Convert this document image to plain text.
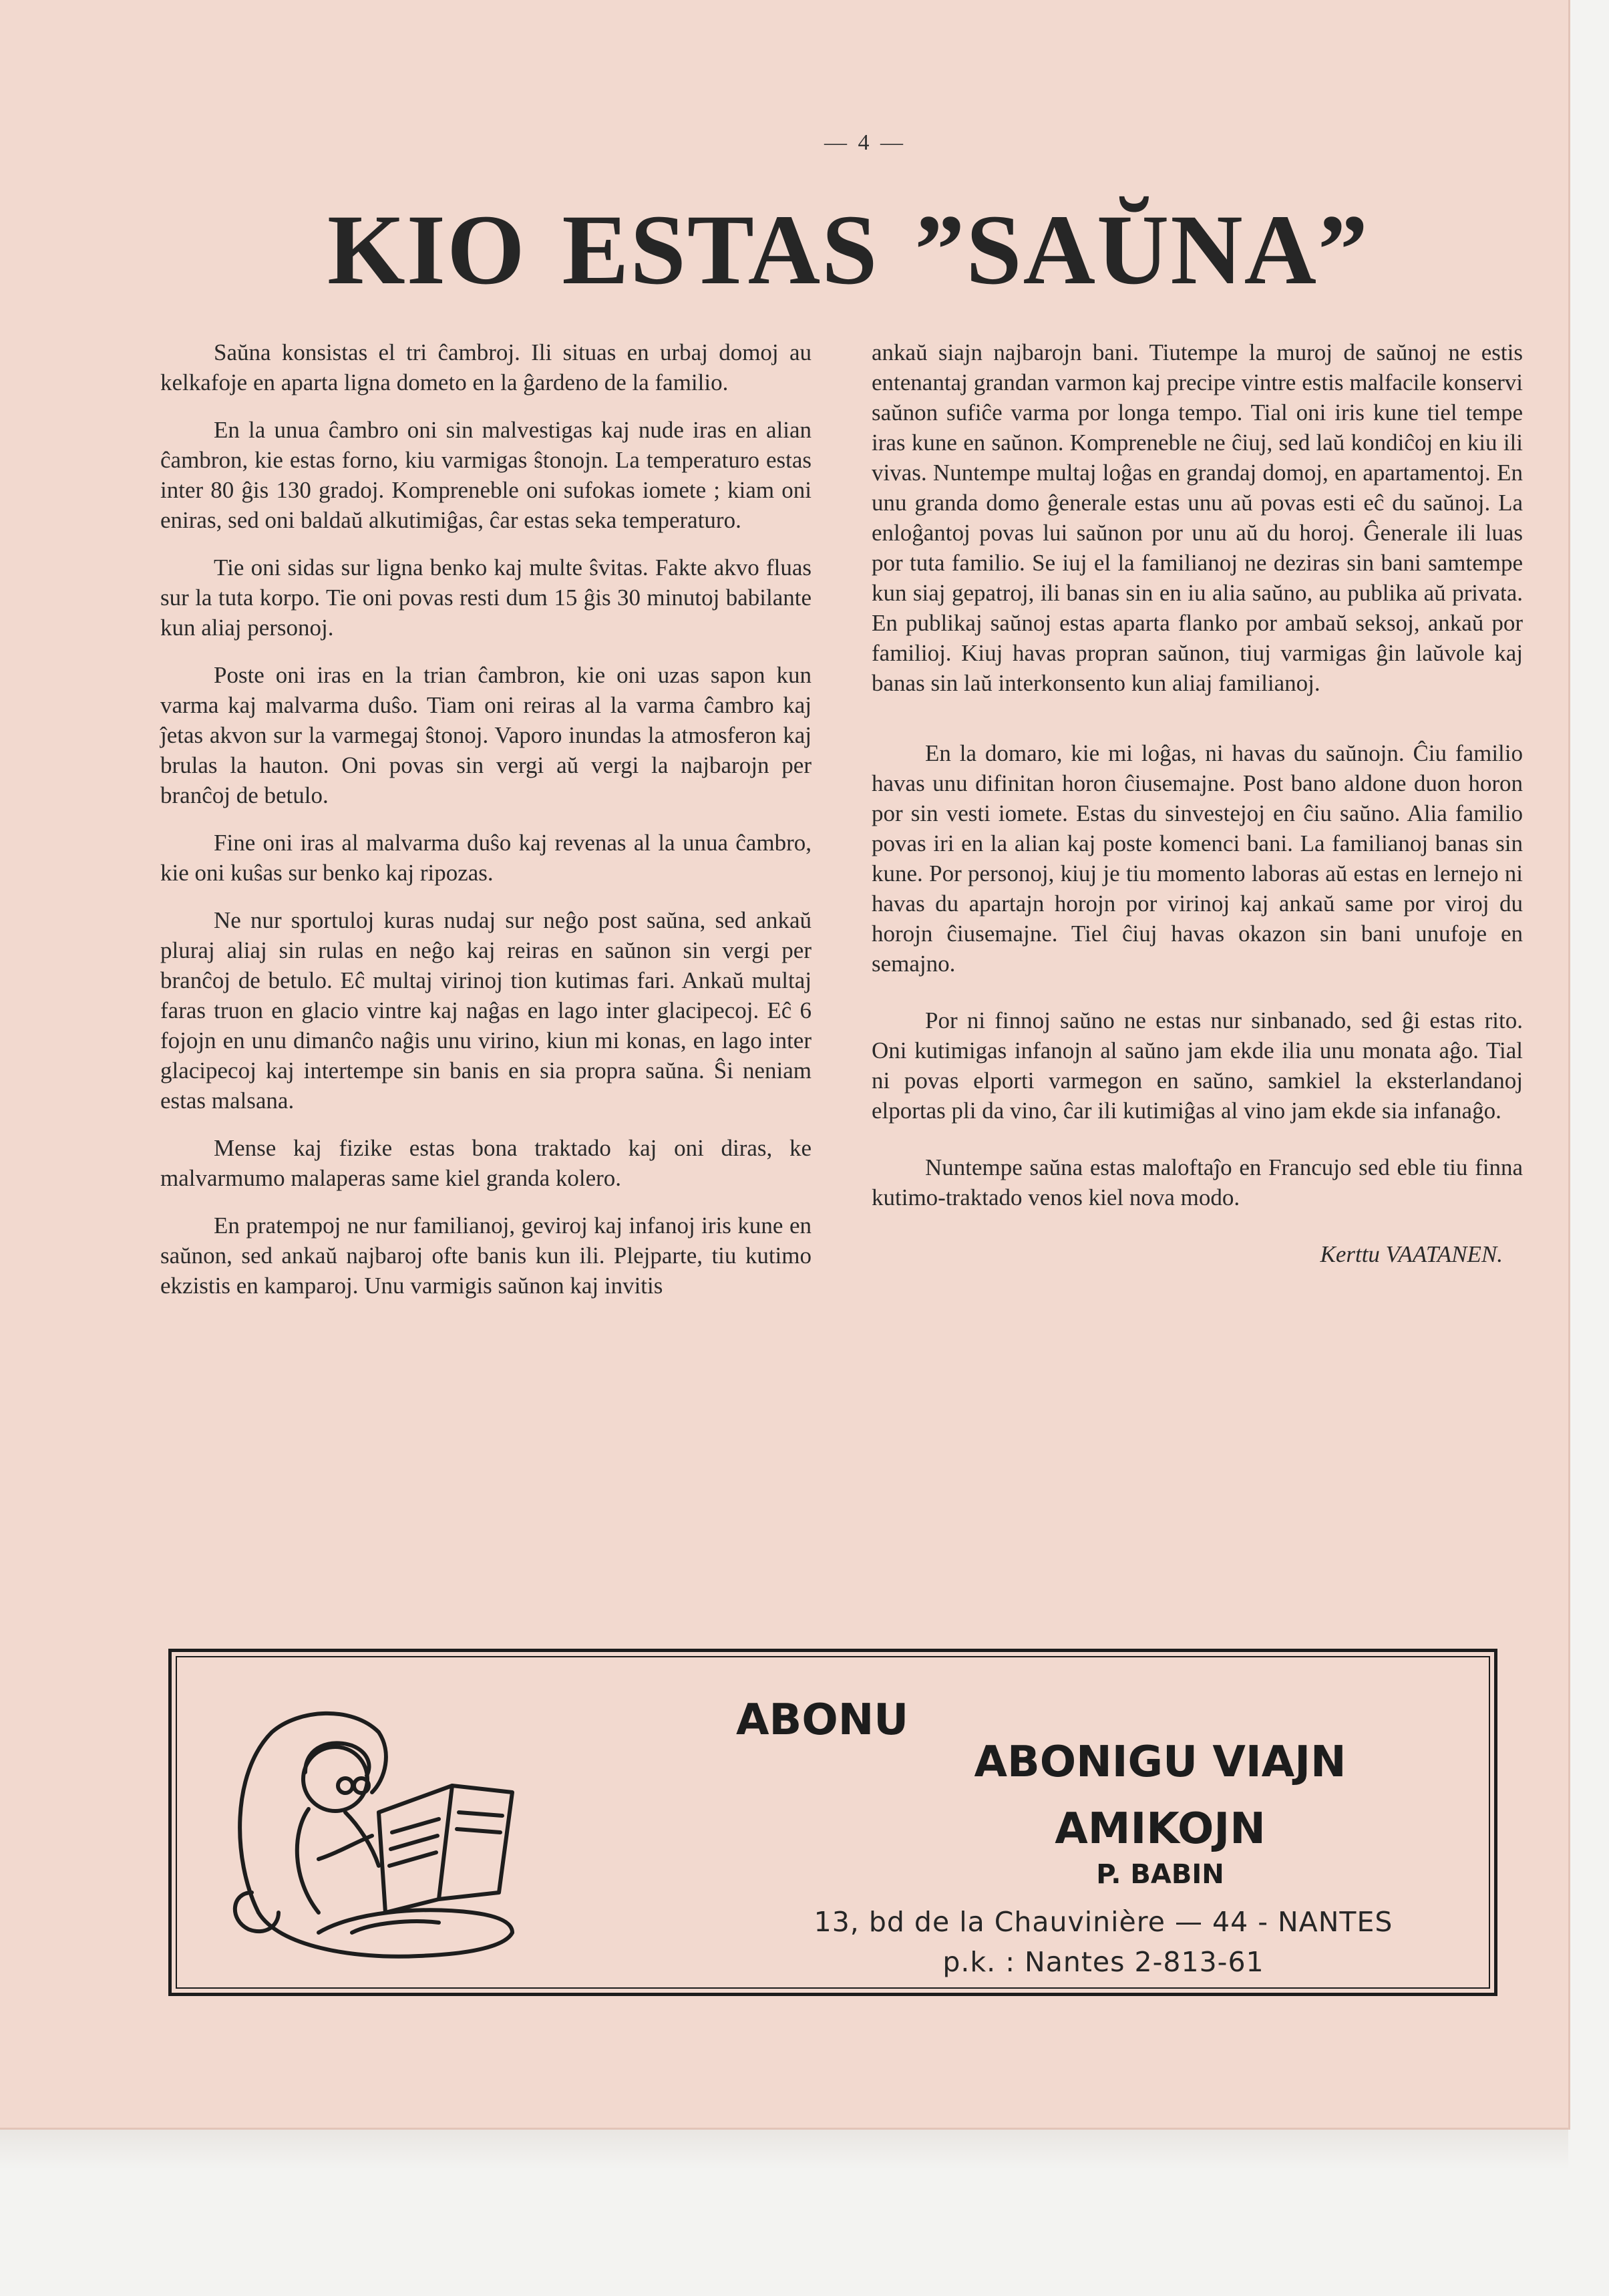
— 4 —
KIO ESTAS ”SAŬNA”

Saŭna konsistas el tri ĉambroj. Ili situas en urbaj domoj au kelkafoje en aparta ligna dometo en la ĝardeno de la familio.

En la unua ĉambro oni sin malvestigas kaj nude iras en alian ĉambron, kie estas forno, kiu varmigas ŝtonojn. La temperaturo estas inter 80 ĝis 130 gradoj. Kompreneble oni sufokas iomete ; kiam oni eniras, sed oni baldaŭ alkutimiĝas, ĉar estas seka temperaturo.

Tie oni sidas sur ligna benko kaj multe ŝvitas. Fakte akvo fluas sur la tuta korpo. Tie oni povas resti dum 15 ĝis 30 minutoj babilante kun aliaj personoj.

Poste oni iras en la trian ĉambron, kie oni uzas sapon kun varma kaj malvarma duŝo. Tiam oni reiras al la varma ĉambro kaj ĵetas akvon sur la varmegaj ŝtonoj. Vaporo inundas la atmosferon kaj brulas la hauton. Oni povas sin vergi aŭ vergi la najbarojn per branĉoj de betulo.

Fine oni iras al malvarma duŝo kaj revenas al la unua ĉambro, kie oni kuŝas sur benko kaj ripozas.

Ne nur sportuloj kuras nudaj sur neĝo post saŭna, sed ankaŭ pluraj aliaj sin rulas en neĝo kaj reiras en saŭnon sin vergi per branĉoj de betulo. Eĉ multaj virinoj tion kutimas fari. Ankaŭ multaj faras truon en glacio vintre kaj naĝas en lago inter glacipecoj. Eĉ 6 fojojn en unu dimanĉo naĝis unu virino, kiun mi konas, en lago inter glacipecoj kaj intertempe sin banis en sia propra saŭna. Ŝi neniam estas malsana.

Mense kaj fizike estas bona traktado kaj oni diras, ke malvarmumo malaperas same kiel granda kolero.

En pratempoj ne nur familianoj, geviroj kaj infanoj iris kune en saŭnon, sed ankaŭ najbaroj ofte banis kun ili. Plejparte, tiu kutimo ekzistis en kamparoj. Unu varmigis saŭnon kaj invitis

ankaŭ siajn najbarojn bani. Tiutempe la muroj de saŭnoj ne estis entenantaj grandan varmon kaj precipe vintre estis malfacile konservi saŭnon sufiĉe varma por longa tempo. Tial oni iris kune tiel tempe iras kune en saŭnon. Kompreneble ne ĉiuj, sed laŭ kondiĉoj en kiu ili vivas. Nuntempe multaj loĝas en grandaj domoj, en apartamentoj. En unu granda domo ĝenerale estas unu aŭ povas esti eĉ du saŭnoj. La enloĝantoj povas lui saŭnon por unu aŭ du horoj. Ĝenerale ili luas por tuta familio. Se iuj el la familianoj ne deziras sin bani samtempe kun siaj gepatroj, ili banas sin en iu alia saŭno, au publika aŭ privata. En publikaj saŭnoj estas aparta flanko por ambaŭ seksoj, ankaŭ por familioj. Kiuj havas propran saŭnon, tiuj varmigas ĝin laŭvole kaj banas sin laŭ interkonsento kun aliaj familianoj.

En la domaro, kie mi loĝas, ni havas du saŭnojn. Ĉiu familio havas unu difinitan horon ĉiusemajne. Post bano aldone duon horon por sin vesti iomete. Estas du sinvestejoj en ĉiu saŭno. Alia familio povas iri en la alian kaj poste komenci bani. La familianoj banas sin kune. Por personoj, kiuj je tiu momento laboras aŭ estas en lernejo ni havas du apartajn horojn por virinoj kaj ankaŭ same por viroj du horojn ĉiusemajne. Tiel ĉiuj havas okazon sin bani unufoje en semajno.

Por ni finnoj saŭno ne estas nur sinbanado, sed ĝi estas rito. Oni kutimigas infanojn al saŭno jam ekde ilia unu monata aĝo. Tial ni povas elporti varmegon en saŭno, samkiel la eksterlandanoj elportas pli da vino, ĉar ili kutimiĝas al vino jam ekde sia infanaĝo.

Nuntempe saŭna estas maloftaĵo en Francujo sed eble tiu finna kutimo-traktado venos kiel nova modo.

Kerttu VAATANEN.

ABONU
ABONIGU VIAJN
AMIKOJN
P. BABIN
13, bd de la Chauvinière — 44 - NANTES
p.k. : Nantes 2-813-61
